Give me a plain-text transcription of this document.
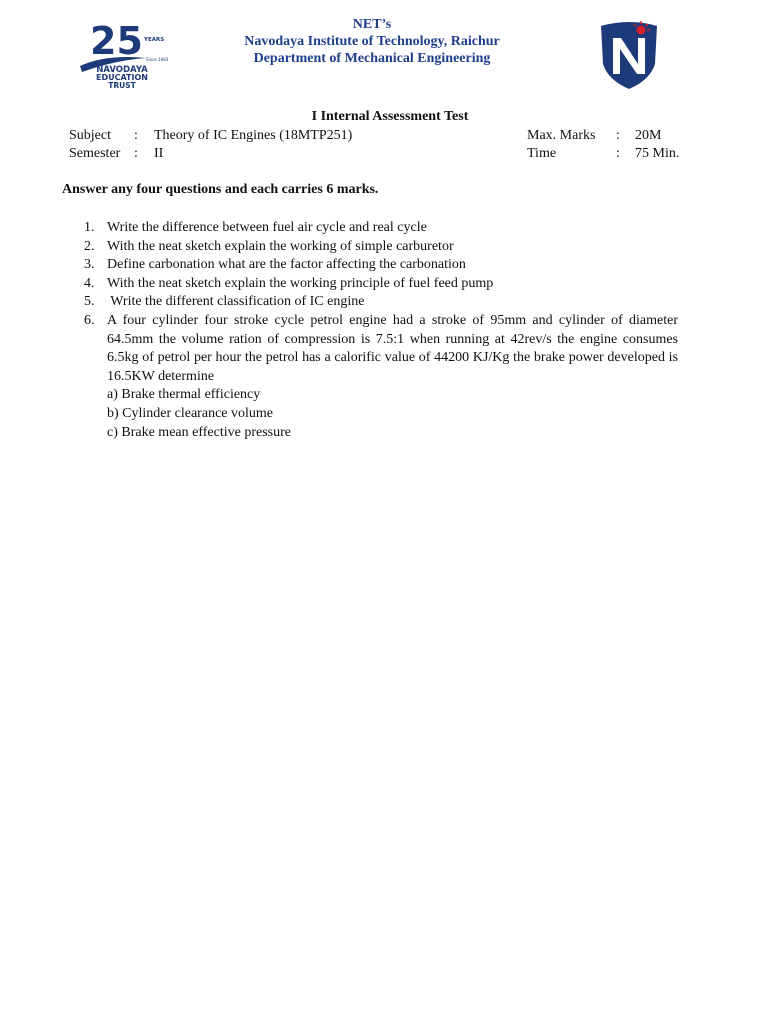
25 YEARS
Since 1983
NAVODAYA
EDUCATION
TRUST
NET’s
Navodaya Institute of Technology, Raichur
Department of Mechanical Engineering
I Internal Assessment Test
Subject : Theory of IC Engines (18MTP251)
Semester : II
Max. Marks : 20M
Time	: 75 Min.
Answer any four questions and each carries 6 marks.
1. Write the difference between fuel air cycle and real cycle
2. With the neat sketch explain the working of simple carburetor
3. Define carbonation what are the factor affecting the carbonation
4. With the neat sketch explain the working principle of fuel feed pump
5. Write the different classification of IC engine
6. A four cylinder four stroke cycle petrol engine had a stroke of 95mm and cylinder of diameter 64.5mm the volume ration of compression is 7.5:1 when running at 42rev/s the engine consumes 6.5kg of petrol per hour the petrol has a calorific value of 44200 KJ/Kg the brake power developed is 16.5KW determine
a) Brake thermal efficiency
b) Cylinder clearance volume
c) Brake mean effective pressure
